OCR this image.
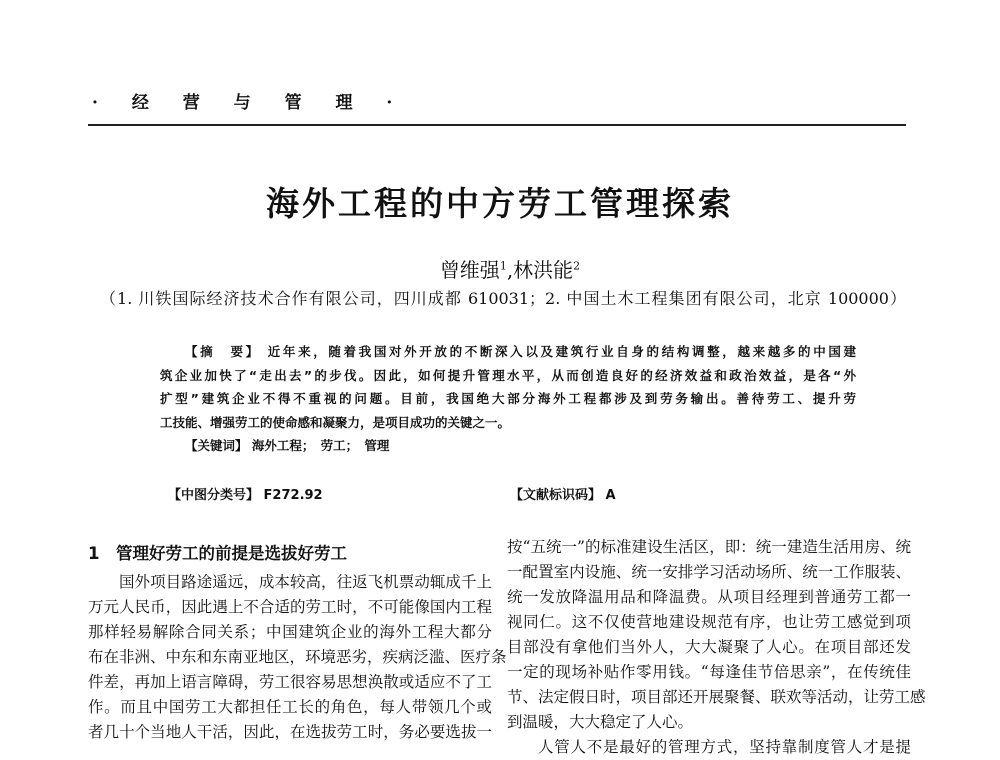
· 经 营 与 管 理 ·
海外工程的中方劳工管理探索
曾维强$^1$,林洪能$^2$
（1. 川铁国际经济技术合作有限公司，四川成都 610031；2. 中国土木工程集团有限公司，北京 100000）
【摘　要】 近年来，随着我国对外开放的不断深入以及建筑行业自身的结构调整，越来越多的中国建
筑企业加快了“走出去”的步伐。因此，如何提升管理水平，从而创造良好的经济效益和政治效益，是各“外
扩型”建筑企业不得不重视的问题。目前，我国绝大部分海外工程都涉及到劳务输出。善待劳工、提升劳
工技能、增强劳工的使命感和凝聚力，是项目成功的关键之一。
【关键词】 海外工程；　劳工；　管理
【中图分类号】 F272.92	【文献标识码】 A
1　管理好劳工的前提是选拔好劳工
国外项目路途遥远，成本较高，往返飞机票动辄成千上
万元人民币，因此遇上不合适的劳工时，不可能像国内工程
那样轻易解除合同关系；中国建筑企业的海外工程大都分
布在非洲、中东和东南亚地区，环境恶劣，疾病泛滥、医疗条
件差，再加上语言障碍，劳工很容易思想涣散或适应不了工
作。而且中国劳工大都担任工长的角色，每人带领几个或
者几十个当地人干活，因此，在选拔劳工时，务必要选拔一
按“五统一”的标准建设生活区，即：统一建造生活用房、统
一配置室内设施、统一安排学习活动场所、统一工作服装、
统一发放降温用品和降温费。从项目经理到普通劳工都一
视同仁。这不仅使营地建设规范有序，也让劳工感觉到项
目部没有拿他们当外人，大大凝聚了人心。在项目部还发
一定的现场补贴作零用钱。“每逢佳节倍思亲”，在传统佳
节、法定假日时，项目部还开展聚餐、联欢等活动，让劳工感
到温暖，大大稳定了人心。
人管人不是最好的管理方式，坚持靠制度管人才是提
